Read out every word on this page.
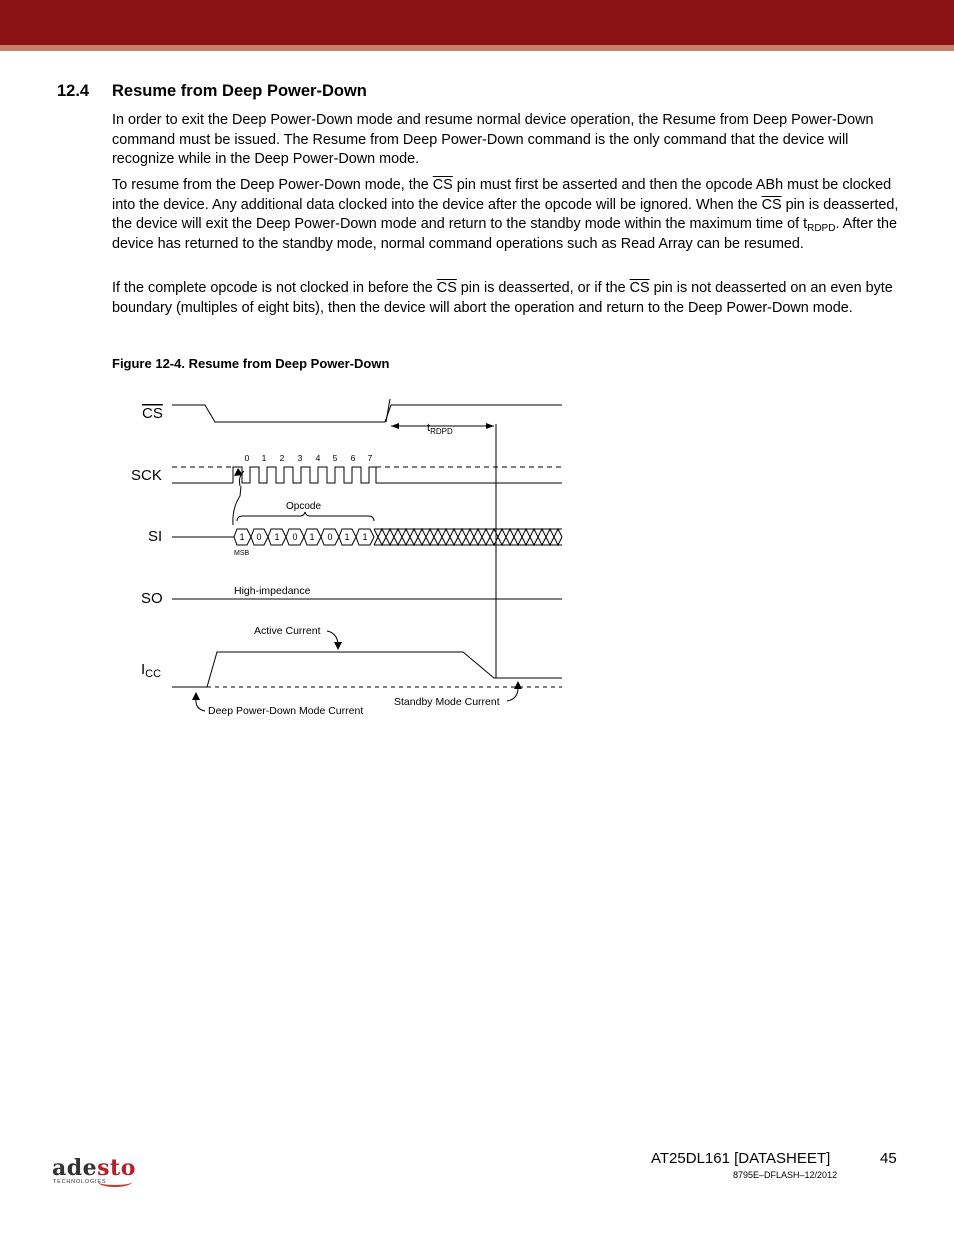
12.4 Resume from Deep Power-Down

In order to exit the Deep Power-Down mode and resume normal device operation, the Resume from Deep Power-Down command must be issued. The Resume from Deep Power-Down command is the only command that the device will recognize while in the Deep Power-Down mode.

To resume from the Deep Power-Down mode, the $\overline{CS}$ pin must first be asserted and then the opcode ABh must be clocked into the device. Any additional data clocked into the device after the opcode will be ignored. When the $\overline{CS}$ pin is deasserted, the device will exit the Deep Power-Down mode and return to the standby mode within the maximum time of $t_{RDPD}$. After the device has returned to the standby mode, normal command operations such as Read Array can be resumed.

If the complete opcode is not clocked in before the $\overline{CS}$ pin is deasserted, or if the $\overline{CS}$ pin is not deasserted on an even byte boundary (multiples of eight bits), then the device will abort the operation and return to the Deep Power-Down mode.

Figure 12-4. Resume from Deep Power-Down
CS
SCK
SI
SO
$I_{CC}$
$t_{RDPD}$
0 1 2 3 4 5 6 7
Opcode
1 0 1 0 1 0 1 1
MSB
High-impedance
Active Current
Standby Mode Current
Deep Power-Down Mode Current
adesto
TECHNOLOGIES
AT25DL161 [DATASHEET]	45
8795E–DFLASH–12/2012
